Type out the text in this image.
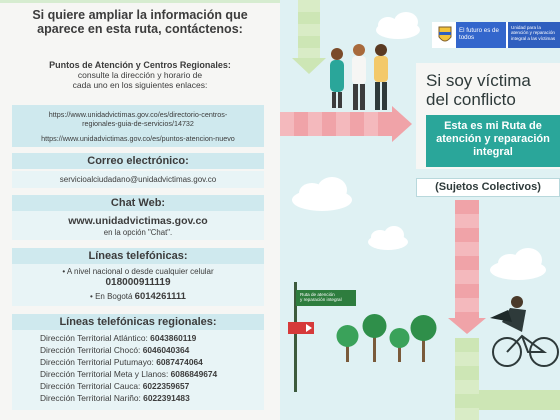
Si quiere ampliar la información que
aparece en esta ruta, contáctenos:
Puntos de Atención y Centros Regionales:
consulte la dirección y horario de
cada uno en los siguientes enlaces:
https://www.unidadvictimas.gov.co/es/directorio-centros-
regionales-guia-de-servicios/14732
https://www.unidadvictimas.gov.co/es/puntos-atencion-nuevo
Correo electrónico:
servicioalciudadano@unidadvictimas.gov.co
Chat Web:
www.unidadvictimas.gov.co
en la opción "Chat".
Líneas telefónicas:
• A nivel nacional o desde cualquier celular
018000911119
• En Bogotá 6014261111
Líneas telefónicas regionales:
Dirección Territorial Atlántico: 6043860119
Dirección Territorial Chocó: 6046040364
Dirección Territorial Putumayo: 6087474064
Dirección Territorial Meta y Llanos: 6086849674
Dirección Territorial Cauca: 6022359657
Dirección Territorial Nariño: 6022391483
Ruta de atención
y reparación integral
El futuro es de todos
Unidad para la atención y reparación integral a las víctimas
Si soy víctima
del conflicto
Esta es mi Ruta de atención y reparación integral
(Sujetos Colectivos)
